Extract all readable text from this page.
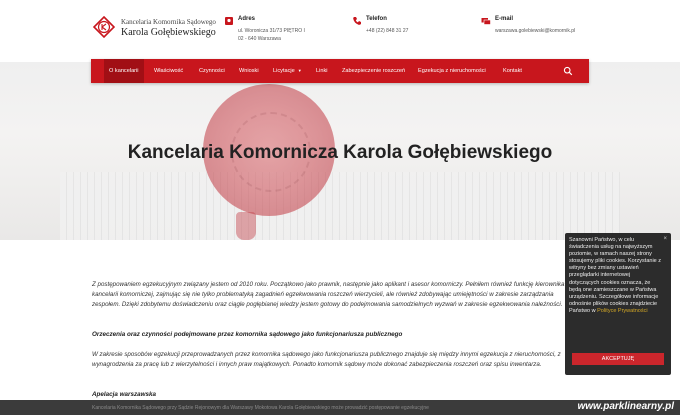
Kancelaria Komornika Sądowego
Karola Gołębiewskiego
Adres
ul. Woronicza 31/73 PIĘTRO I
02 - 640 Warszawa
Telefon
+48 (22) 848 31 27
E-mail
warszawa.golebiewski@komornik.pl
Kancelaria Komornicza Karola Gołębiewskiego
O kancelarii	Właściwość	Czynności	Wnioski	Licytacje ▼	Linki	Zabezpieczenie roszczeń Egzekucja z nieruchomości	Kontakt
Z postępowaniem egzekucyjnym związany jestem od 2010 roku. Początkowo jako prawnik, następnie jako aplikant i asesor komorniczy. Pełniłem również funkcję kierownika kancelarii komorniczej, zajmując się nie tylko problematyką zagadnień egzekwowania roszczeń wierzycieli, ale również zdobywając umiejętności w zakresie zarządzania zespołem. Dzięki zdobytemu doświadczeniu oraz ciągle pogłębianej wiedzy jestem gotowy do podejmowania samodzielnych wyzwań w zakresie egzekwowania należności.
Orzeczenia oraz czynności podejmowane przez komornika sądowego jako funkcjonariusza publicznego
W zakresie sposobów egzekucji przeprowadzanych przez komornika sądowego jako funkcjonariusza publicznego znajduje się między innymi egzekucja z nieruchomości, z wynagrodzenia za pracę lub z wierzytelności i innych praw majątkowych. Ponadto komornik sądowy może dokonać zabezpieczenia roszczeń oraz spisu inwentarza.
Apelacja warszawska
Kancelaria Komornika Sądowego przy Sądzie Rejonowym dla Warszawy Mokotowa Karola Gołębiewskiego może prowadzić postępowanie egzekucyjne	www.parklinearny.pl
×
Szanowni Państwo, w celu świadczenia usług na najwyższym poziomie, w ramach naszej strony stosujemy pliki cookies. Korzystanie z witryny bez zmiany ustawień przeglądarki internetowej dotyczących cookies oznacza, że będą one zamieszczane w Państwa urządzeniu. Szczegółowe informacje odnośnie plików cookies znajdziecie Państwo w Polityce Prywatności
AKCEPTUJĘ
